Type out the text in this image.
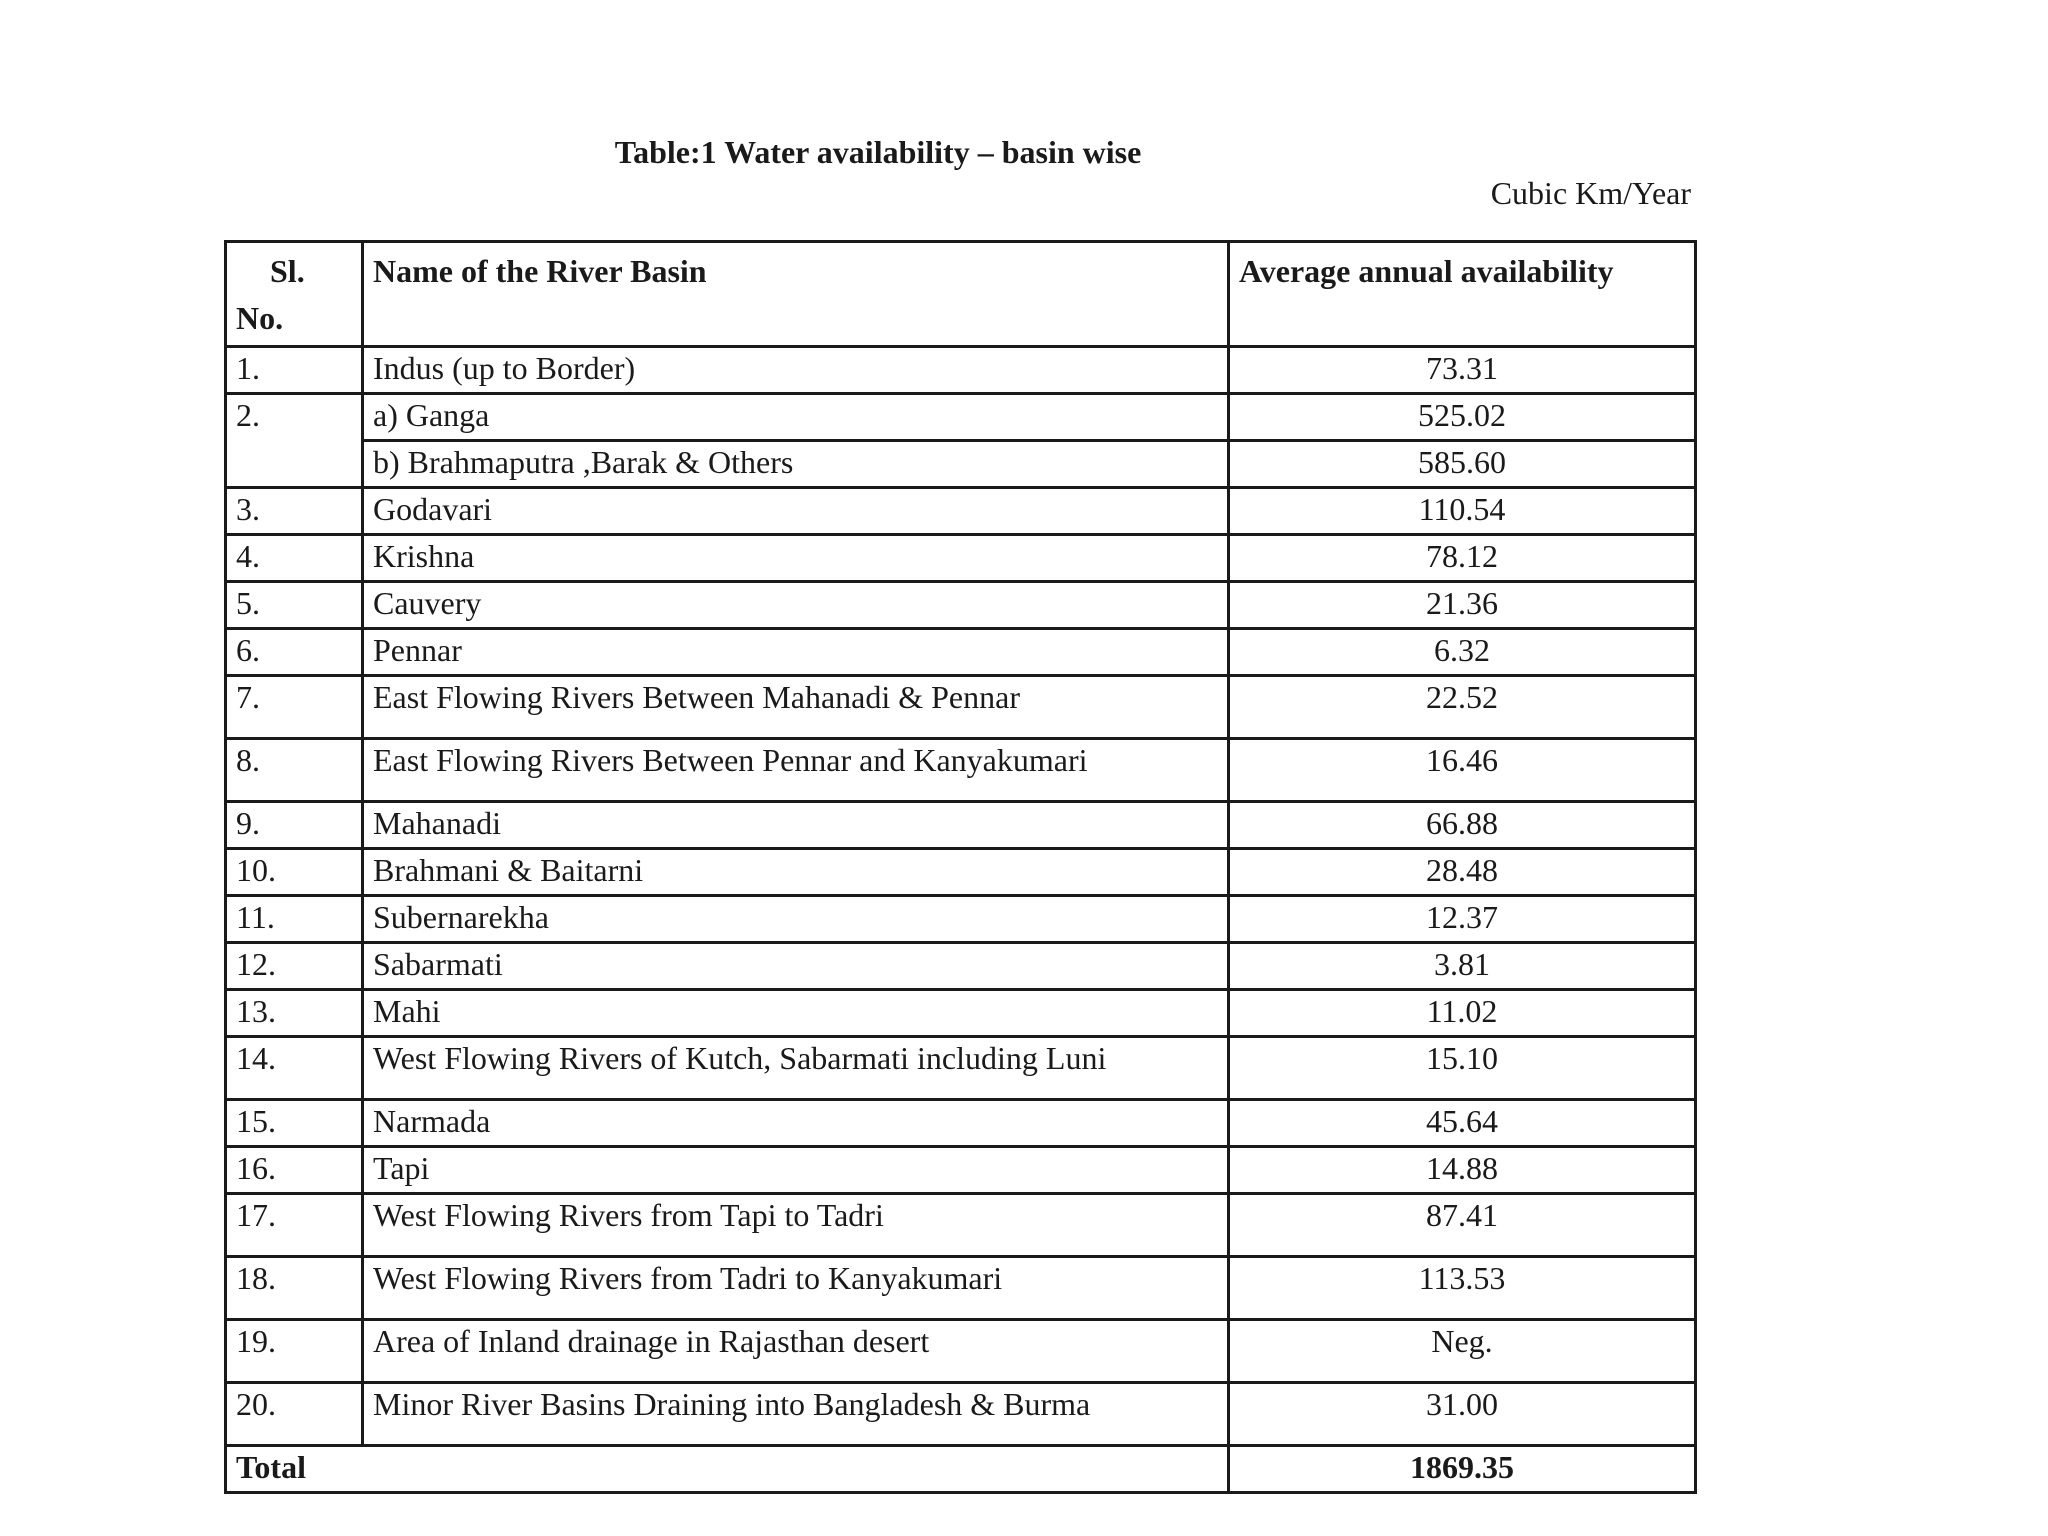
Table:1 Water availability – basin wise
Cubic Km/Year
Sl.
No.	Name of the River Basin	Average annual availability
1.	Indus (up to Border)	73.31
2.	a) Ganga	525.02
	b) Brahmaputra ,Barak & Others	585.60
3.	Godavari	110.54
4.	Krishna	78.12
5.	Cauvery	21.36
6.	Pennar	6.32
7.	East Flowing Rivers Between Mahanadi & Pennar	22.52
8.	East Flowing Rivers Between Pennar and Kanyakumari	16.46
9.	Mahanadi	66.88
10.	Brahmani & Baitarni	28.48
11.	Subernarekha	12.37
12.	Sabarmati	3.81
13.	Mahi	11.02
14.	West Flowing Rivers of Kutch, Sabarmati including Luni	15.10
15.	Narmada	45.64
16.	Tapi	14.88
17.	West Flowing Rivers from Tapi to Tadri	87.41
18.	West Flowing Rivers from Tadri to Kanyakumari	113.53
19.	Area of Inland drainage in Rajasthan desert	Neg.
20.	Minor River Basins Draining into Bangladesh & Burma	31.00
Total		1869.35
